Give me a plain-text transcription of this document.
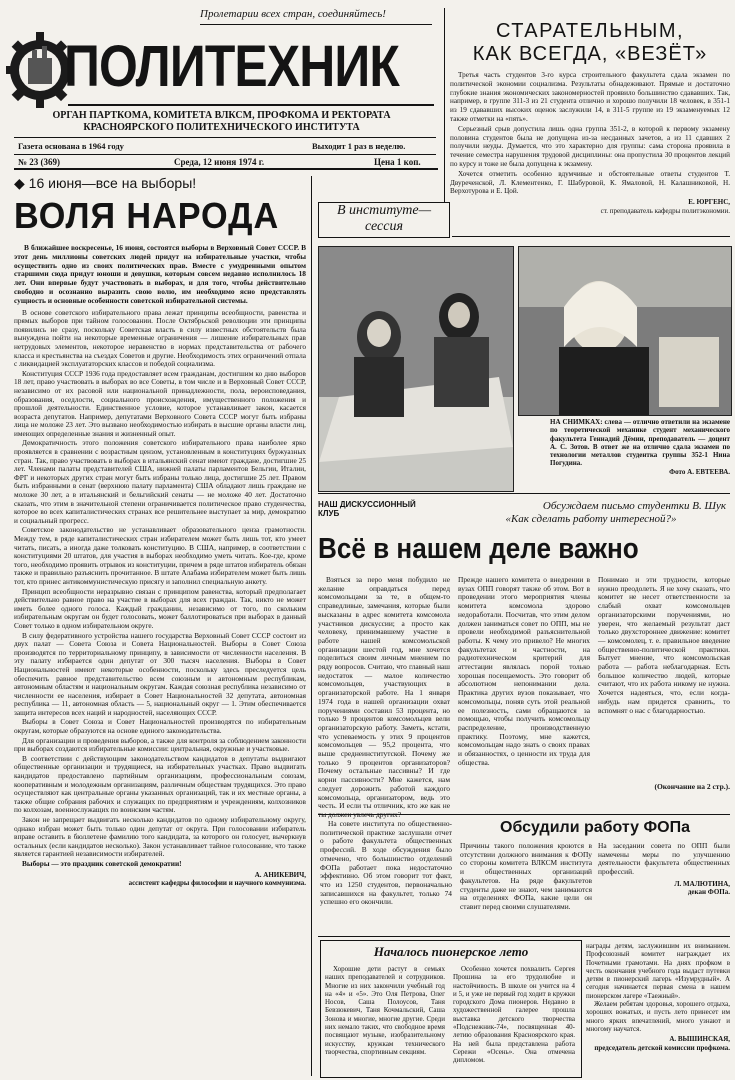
Пролетарии всех стран, соединяйтесь!
ПОЛИТЕХНИК
ОРГАН ПАРТКОМА, КОМИТЕТА ВЛКСМ, ПРОФКОМА И РЕКТОРАТА
КРАСНОЯРСКОГО ПОЛИТЕХНИЧЕСКОГО ИНСТИТУТА
Газета основана в 1964 году	Выходит 1 раз в неделю.
№ 23 (369)	Среда, 12 июня 1974 г.	Цена 1 коп.
СТАРАТЕЛЬНЫМ,
КАК ВСЕГДА, «ВЕЗЁТ»

Третья часть студентов 3-го курса строительного факультета сдала экзамен по политической экономии социализма. Результаты обнадеживают. Прямые и достаточно глубокие знания экономических закономерностей проявило большинство сдававших. Так, например, в группе 311-3 из 21 студента отлично и хорошо получили 18 человек, в 351-1 из 19 сдававших высоких оценок заслужили 14, в 311-5 группе из 19 экзаменуемых 12 также отметки на «пять».

Серьезный срыв допустила лишь одна группа 351-2, в которой к первому экзамену половина студентов была не допущена из-за несданных зачетов, а из 11 сдавших 2 получили неуды. Думается, что это характерно для группы: сама сторона проявила в течение семестра нарушения трудовой дисциплины: она пропустила 30 процентов лекций по курсу и тоже не была допущена к экзамену.

Хочется отметить особенно вдумчивые и обстоятельные ответы студентов Т. Двуреченской, Л. Клементенко, Г. Шабуровой, К. Ямаловой, Н. Калашниковой, Н. Верхотурова и Е. Цой.

Е. ЮРГЕНС,
ст. преподаватель кафедры политэкономии.
◆ 16 июня—все на выборы!
ВОЛЯ НАРОДА
В ближайшее воскресенье, 16 июня, состоятся выборы в Верховный Совет СССР. В этот день миллионы советских людей придут на избирательные участки, чтобы осуществить одно из своих политических прав. Вместе с умудренными опытом старшими сюда придут юноши и девушки, которым совсем недавно исполнилось 18 лет. Они впервые будут участвовать в выборах, и для того, чтобы действительно свободно и осознанно выразить свою волю, им необходимо ясно представлять сущность и основные особенности советской избирательной системы.

В основе советского избирательного права лежат принципы всеобщности, равенства и прямых выборов при тайном голосовании. После Октябрьской революции эти принципы появились не сразу, поскольку Советская власть в силу известных обстоятельств была вынуждена пойти на некоторые временные ограничения — лишение избирательных прав нетрудовых элементов, некоторое неравенство в нормах представительства от рабочего класса и крестьянства на съездах Советов и другие. Необходимость этих ограничений отпала с ликвидацией эксплуататорских классов и победой социализма.

Конституция СССР 1936 года предоставляет всем гражданам, достигшим ко дню выборов 18 лет, право участвовать в выборах во все Советы, в том числе и в Верховный Совет СССР, независимо от их расовой или национальной принадлежности, пола, вероисповедания, образования, оседлости, социального происхождения, имущественного положения и прошлой деятельности. Единственное условие, которое устанавливает закон, касается возраста депутатов. Например, депутатами Верховного Совета СССР могут быть избраны лица не моложе 23 лет. Это вызвано необходимостью избирать в высшие органы власти лиц, имеющих определенные знания и жизненный опыт.

Демократичность этого положения советского избирательного права наиболее ярко проявляется в сравнении с возрастным цензом, установленным в конституциях буржуазных стран. Так, право участвовать в выборах в итальянский сенат имеют граждане, достигшие 25 лет. Членами палаты представителей США, нижней палаты парламентов Бельгии, Италии, ФРГ и некоторых других стран могут быть избраны только лица, достигшие 25 лет. Правом быть избранными в сенат (верхнюю палату парламента) США обладают лишь граждане не моложе 30 лет, а в итальянский и бельгийский сенаты — не моложе 40 лет. Достаточно сказать, что этим в значительной степени ограничивается политическое право студенчества, которое во всех капиталистических странах все решительнее выступает за мир, демократию и социальный прогресс.

Советское законодательство не устанавливает образовательного ценза грамотности. Между тем, в ряде капиталистических стран избирателем может быть лишь тот, кто умеет читать, писать, а иногда даже толковать конституцию. В США, например, в соответствии с конституциями 20 штатов, для участия в выборах необходимо уметь читать. Кое-где, кроме того, необходимо проявить отрывок из конституции, причем в ряде штатов избиратель обязан также и правильно разъяснить прочитанное. В штате Алабама избирателем может быть лишь тот, кто принес антикоммунистическую присягу и заполнил специальную анкету.

Принцип всеобщности неразрывно связан с принципом равенства, который предполагает действительно равное право на участие в выборах для всех граждан. Так, никто не может иметь более одного голоса. Каждый гражданин, независимо от того, по скольким избирательным округам он будет голосовать, может баллотироваться при выборах в данный Совет только в одном избирательном округе.

В силу федеративного устройства нашего государства Верховный Совет СССР состоит из двух палат — Совета Союза и Совета Национальностей. Выборы в Совет Союза производятся по территориальному принципу, в зависимости от численности населения. В эту палату избирается один депутат от 300 тысяч населения. Выборы в Совет Национальностей имеют некоторые особенности, поскольку здесь преследуется цель обеспечить равное представительство всем союзным и автономным республикам, автономным областям и национальным округам. Каждая союзная республика независимо от численности ее населения, избирает в Совет Национальностей 32 депутата, автономная республика — 11, автономная область — 5, национальный округ — 1. Этим обеспечивается защита интересов всех наций и народностей, населяющих СССР.

Выборы в Совет Союза и Совет Национальностей производятся по избирательным округам, которые образуются на основе единого законодательства.

Для организации и проведения выборов, а также для контроля за соблюдением законности при выборах создаются избирательные комиссии: центральная, окружные и участковые.

В соответствии с действующим законодательством кандидатов в депутаты выдвигают общественные организации и трудящиеся, на избирательных участках. Право выдвигать кандидатов предоставлено партийным организациям, профессиональным союзам, кооперативным и молодежным организациям, различным обществам трудящихся. Это право осуществляют как центральные органы указанных организаций, так и их местные органы, а также общие собрания рабочих и служащих по предприятиям и учреждениям, колхозников по колхозам, военнослужащих по воинским частям.

Закон не запрещает выдвигать несколько кандидатов по одному избирательному округу, однако избран может быть только один депутат от округа. При голосовании избиратель вправе оставить в бюллетене фамилию того кандидата, за которого он голосует, вычеркнув остальных (если кандидатов несколько). Закон устанавливает тайное голосование, что также является гарантией независимости избирателей.

Выборы — это праздник советской демократии!

А. АНИКЕВИЧ,
ассистент кафедры философии и научного коммунизма.
В институте—
сессия
НА СНИМКАХ: слева — отлично ответили на экзамене по теоретической механике студент механического факультета Геннадий Дёмин, преподаватель — доцент А. С. Зотов. В ответ же на отлично сдала экзамен по технологии металлов студентка группы 352-1 Нина Погудина.
Фото А. ЕВТЕЕВА.
НАШ ДИСКУССИОННЫЙ
КЛУБ
Обсуждаем письмо студентки В. Шук
«Как сделать работу интересной?»
Всё в нашем деле важно
Взяться за перо меня побудило не желание оправдаться перед комсомольцами за те, в общем-то справедливые, замечания, которые были высказаны в адрес комитета комсомола участников дискуссии; а просто как человеку, принимавшему участие в работе нашей комсомольской организации шестой год, мне хочется поделиться своим личным мнением по ряду вопросов. Считаю, что главный наш недостаток — малое количество комсомольцев, участвующих в организаторской работе. На 1 января 1974 года в нашей организации охват поручениями составил 53 процента, но только 9 процентов комсомольцев вели организаторскую работу. Заметь, кстати, что успеваемость у этих 9 процентов комсомольцев — 95,2 процента, что выше среднеинститутской. Почему же только 9 процентов организаторов? Почему остальные пассивны? И где корни пассивности? Мне кажется, нам следует дорожить работой каждого комсомольца, организатором, ведь это честь. И если ты отличник, кто же как не ты должен увлечь других?
Прежде нашего комитета о внедрении в вузах ОПП говорят также об этом. Вот в проведении этого мероприятия члены комитета комсомола здорово недоработали. Посчитав, что этим делом должен заниматься совет по ОПП, мы не провели необходимой разъяснительной работы. К чему это привело? Не многих факультетах и частности, на радиотехническом критерий для аттестации являлась порой только хорошая посещаемость. Это говорит об абсолютном непонимании дела. Практика других вузов показывает, что комсомольцы, поняв суть этой реальной ее полезность, сами обращаются за помощью, чтобы получить комсомольцу распределение, производственную практику. Поэтому, мне кажется, комсомольцам надо знать о своих правах и обязанностях, о ценности их труда для общества.
Понимаю и эти трудности, которые нужно преодолеть. Я не хочу сказать, что комитет не несет ответственности за слабый охват комсомольцев организаторскими поручениями, но уверен, что желаемый результат даст только двухстороннее движение: комитет — комсомолец, т. е. правильное введение общественно-политической практики. Бытует мнение, что комсомольская работа — работа неблагодарная. Есть большое количество людей, которые считают, что их работа никому не нужна. Хочется надеяться, что, если когда-нибудь нам придется сравнить, то вспомнят о нас с благодарностью.
(Окончание на 2 стр.).
На совете института по общественно-политической практике заслушали отчет о работе факультета общественных профессий. В ходе обсуждения было отмечено, что большинство отделений ФОПа работает пока недостаточно эффективно. Об этом говорит тот факт, что из 1250 студентов, первоначально записавшихся на факультет, только 74 успешно его окончили.
Обсудили работу ФОПа
Причины такого положения кроются в отсутствии должного внимания к ФОПу со стороны комитета ВЛКСМ института и общественных организаций факультетов. На ряде факультетов студенты даже не знают, чем занимаются на отделениях ФОПа, какие цели он ставит перед своими слушателями.
На заседании совета по ОПП были намечены меры по улучшению деятельности факультета общественных профессий.
Л. МАЛЮТИНА,
декан ФОПа.
Началось пионерское лето
Хорошие дети растут в семьях наших преподавателей и сотрудников. Многие из них закончили учебный год на «4» и «5». Это Оля Петрова, Олег Носов, Саша Полоусов, Таня Бевзюкевич, Таня Кочмальский, Саша Зонова и многие, многие другие. Среди них немало таких, что свободное время посвящают музыке, изобразительному искусству, кружкам технического творчества, спортивным секциям.
Особенно хочется похвалить Сергея Прошина за его трудолюбие и настойчивость. В школе он учится на 4 и 5, и уже не первый год ходит в кружки городского Дома пионеров. Недавно в художественной галерее прошла выставка детского творчества «Подснежник-74», посвященная 40-летию образования Красноярского края. На ней была представлена работа Сережи «Осень». Она отмечена дипломом.
награды детям, заслужившим их вниманием. Профсоюзный комитет награждает их Почетными грамотами. На днях профком в честь окончания учебного года выдаст путевки детям в пионерский лагерь «Изумрудный». А сегодня начинается первая смена в нашем пионерском лагере «Таежный».
Желаем ребятам здоровья, хорошего отдыха, хороших вожатых, и пусть лето принесет им много ярких впечатлений, много узнают и многому научатся.
А. ВЫШИНСКАЯ,
председатель детской комиссии профкома.
